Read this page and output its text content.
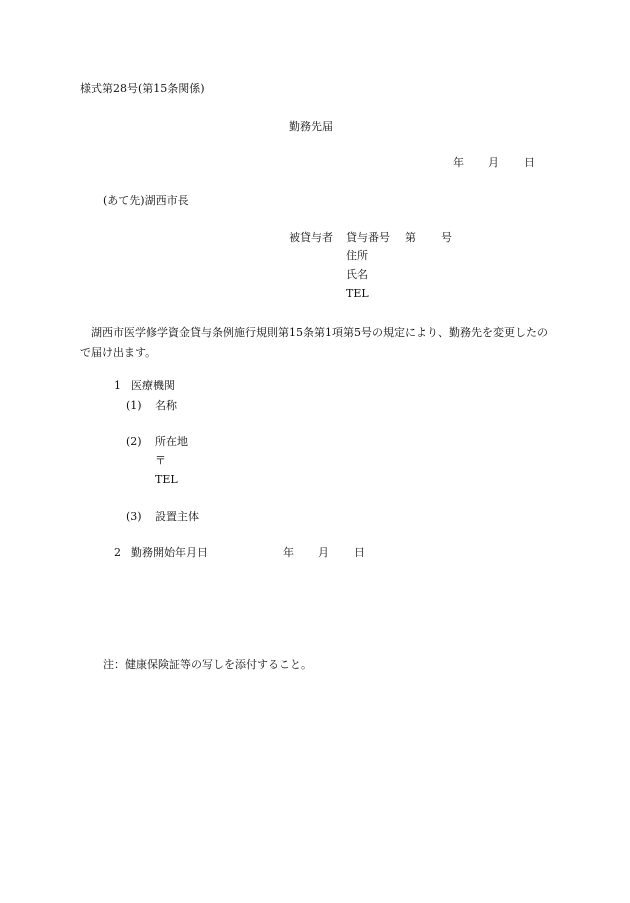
様式第28号(第15条関係)
勤務先届
年 月 日
(あて先)湖西市長
被貸与者 貸与番号 第 号
住所
氏名
TEL
湖西市医学修学資金貸与条例施行規則第15条第1項第5号の規定により、勤務先を変更したので届け出ます。
1 医療機関
(1) 名称
(2) 所在地
〒
TEL
(3) 設置主体
2 勤務開始年月日	年 月 日
注：健康保険証等の写しを添付すること。
